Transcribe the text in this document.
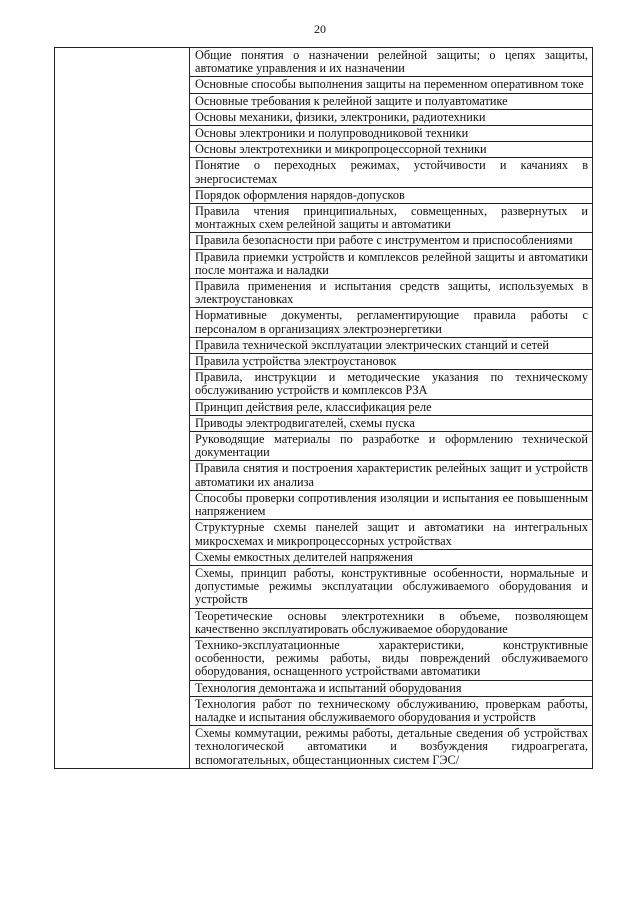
20
	Общие понятия о назначении релейной защиты; о цепях защиты, автоматике управления и их назначении
Основные способы выполнения защиты на переменном оперативном токе
Основные требования к релейной защите и полуавтоматике
Основы механики, физики, электроники, радиотехники
Основы электроники и полупроводниковой техники
Основы электротехники и микропроцессорной техники
Понятие о переходных режимах, устойчивости и качаниях в энергосистемах
Порядок оформления нарядов-допусков
Правила чтения принципиальных, совмещенных, развернутых и монтажных схем релейной защиты и автоматики
Правила безопасности при работе с инструментом и приспособлениями
Правила приемки устройств и комплексов релейной защиты и автоматики после монтажа и наладки
Правила применения и испытания средств защиты, используемых в электроустановках
Нормативные документы, регламентирующие правила работы с персоналом в организациях электроэнергетики
Правила технической эксплуатации электрических станций и сетей
Правила устройства электроустановок
Правила, инструкции и методические указания по техническому обслуживанию устройств и комплексов РЗА
Принцип действия реле, классификация реле
Приводы электродвигателей, схемы пуска
Руководящие материалы по разработке и оформлению технической документации
Правила снятия и построения характеристик релейных защит и устройств автоматики их анализа
Способы проверки сопротивления изоляции и испытания ее повышенным напряжением
Структурные схемы панелей защит и автоматики на интегральных микросхемах и микропроцессорных устройствах
Схемы емкостных делителей напряжения
Схемы, принцип работы, конструктивные особенности, нормальные и допустимые режимы эксплуатации обслуживаемого оборудования и устройств
Теоретические основы электротехники в объеме, позволяющем качественно эксплуатировать обслуживаемое оборудование
Технико-эксплуатационные характеристики, конструктивные особенности, режимы работы, виды повреждений обслуживаемого оборудования, оснащенного устройствами автоматики
Технология демонтажа и испытаний оборудования
Технология работ по техническому обслуживанию, проверкам работы, наладке и испытания обслуживаемого оборудования и устройств
Схемы коммутации, режимы работы, детальные сведения об устройствах технологической автоматики и возбуждения гидроагрегата, вспомогательных, общестанционных систем ГЭС/
